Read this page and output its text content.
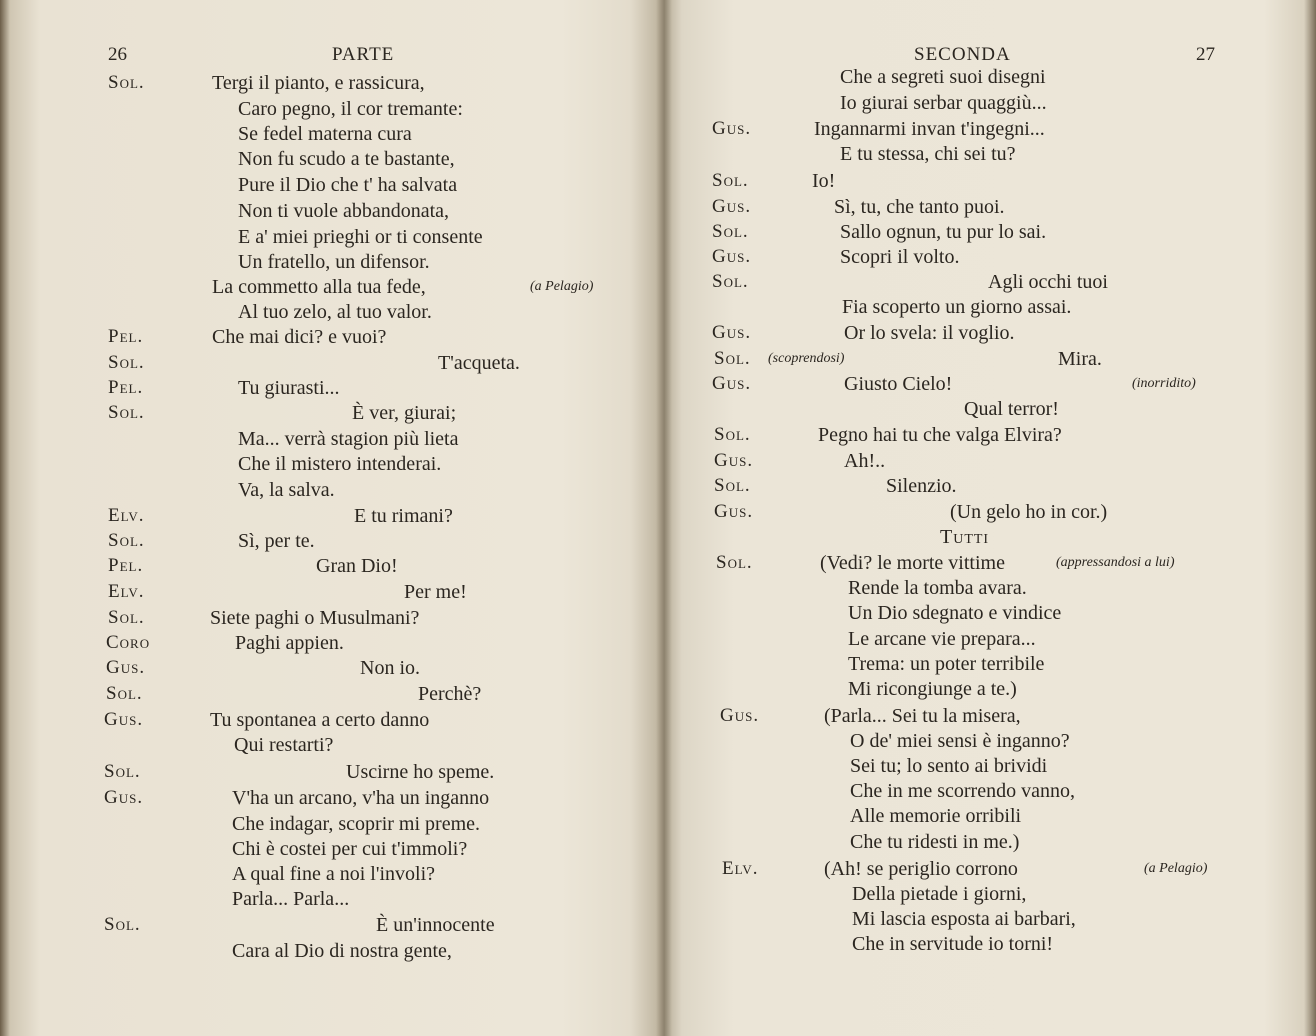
26	PARTE
Sol.	Tergi il pianto, e rassicura,
Caro pegno, il cor tremante:
Se fedel materna cura
Non fu scudo a te bastante,
Pure il Dio che t' ha salvata
Non ti vuole abbandonata,
E a' miei prieghi or ti consente
Un fratello, un difensor.
La commetto alla tua fede,	(a Pelagio)
Al tuo zelo, al tuo valor.
Pel.	Che mai dici? e vuoi?
Sol.	T'acqueta.
Pel.	Tu giurasti...
Sol.	È ver, giurai;
Ma... verrà stagion più lieta
Che il mistero intenderai.
Va, la salva.
Elv.	E tu rimani?
Sol.	Sì, per te.
Pel.	Gran Dio!
Elv.	Per me!
Sol.	Siete paghi o Musulmani?
Coro	Paghi appien.
Gus.	Non io.
Sol.	Perchè?
Gus.	Tu spontanea a certo danno
Qui restarti?
Sol.	Uscirne ho speme.
Gus.	V'ha un arcano, v'ha un inganno
Che indagar, scoprir mi preme.
Chi è costei per cui t'immoli?
A qual fine a noi l'involi?
Parla... Parla...
Sol.	È un'innocente
Cara al Dio di nostra gente,
SECONDA	27
Che a segreti suoi disegni
Io giurai serbar quaggiù...
Gus.	Ingannarmi invan t'ingegni...
E tu stessa, chi sei tu?
Sol.	Io!
Gus.	Sì, tu, che tanto puoi.
Sol.	Sallo ognun, tu pur lo sai.
Gus.	Scopri il volto.
Sol.	Agli occhi tuoi
Fia scoperto un giorno assai.
Gus.	Or lo svela: il voglio.
Sol. (scoprendosi)	Mira.
Gus.	Giusto Cielo!	(inorridito)
Qual terror!
Sol.	Pegno hai tu che valga Elvira?
Gus.	Ah!..
Sol.	Silenzio.
Gus.	(Un gelo ho in cor.)
Tutti
Sol.	(Vedi? le morte vittime	(appressandosi a lui)
Rende la tomba avara.
Un Dio sdegnato e vindice
Le arcane vie prepara...
Trema: un poter terribile
Mi ricongiunge a te.)
Gus.	(Parla... Sei tu la misera,
O de' miei sensi è inganno?
Sei tu; lo sento ai brividi
Che in me scorrendo vanno,
Alle memorie orribili
Che tu ridesti in me.)
Elv.	(Ah! se periglio corrono	(a Pelagio)
Della pietade i giorni,
Mi lascia esposta ai barbari,
Che in servitude io torni!
